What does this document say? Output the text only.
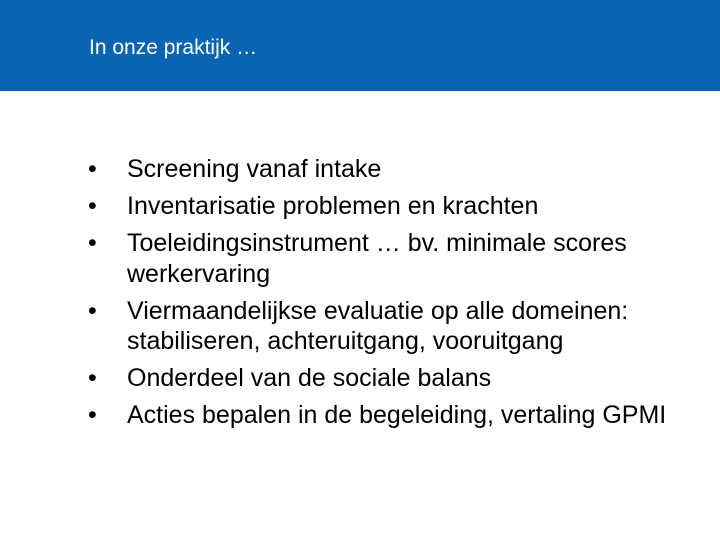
In onze praktijk …
• Screening vanaf intake
• Inventarisatie problemen en krachten
• Toeleidingsinstrument … bv. minimale scores werkervaring
• Viermaandelijkse evaluatie op alle domeinen: stabiliseren, achteruitgang, vooruitgang
• Onderdeel van de sociale balans
• Acties bepalen in de begeleiding, vertaling GPMI
